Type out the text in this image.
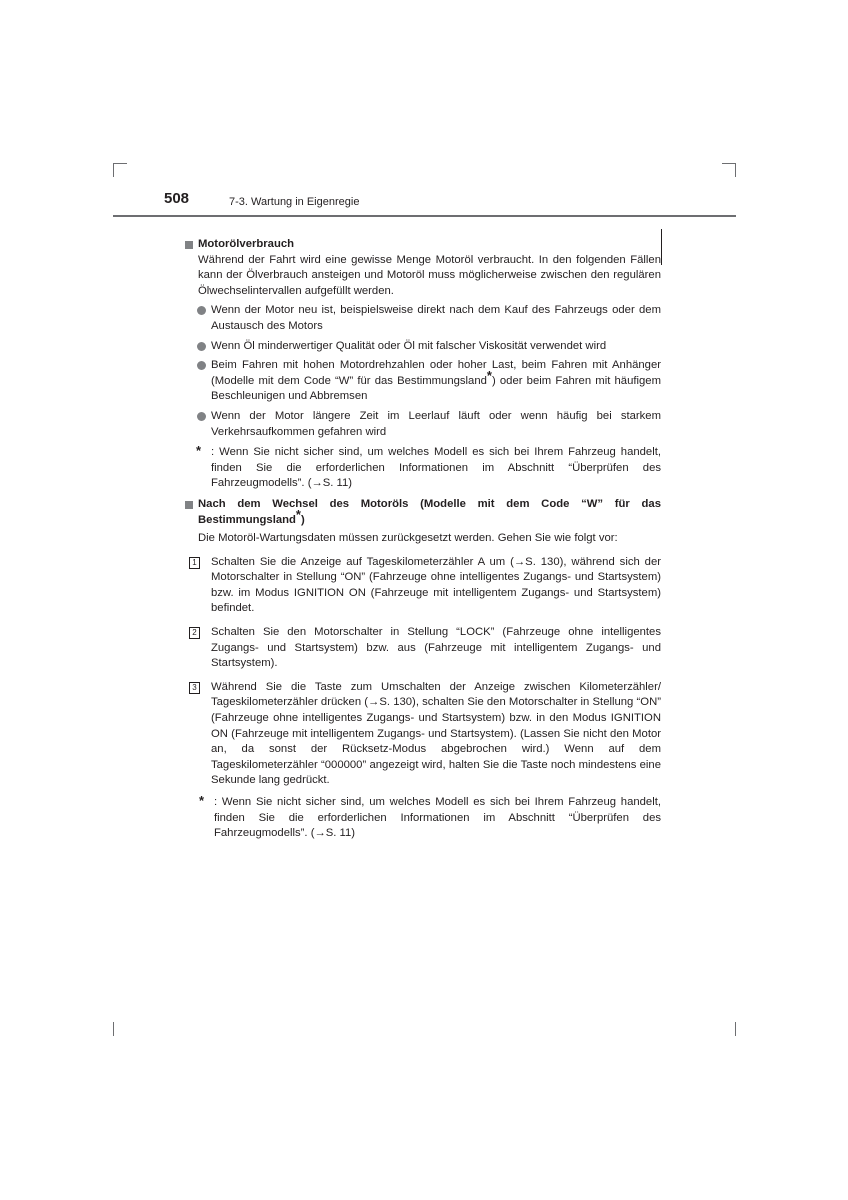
508	7-3. Wartung in Eigenregie
Motorölverbrauch
Während der Fahrt wird eine gewisse Menge Motoröl verbraucht. In den folgenden Fällen kann der Ölverbrauch ansteigen und Motoröl muss möglicherweise zwischen den regulären Ölwechselintervallen aufgefüllt werden.
Wenn der Motor neu ist, beispielsweise direkt nach dem Kauf des Fahrzeugs oder dem Austausch des Motors
Wenn Öl minderwertiger Qualität oder Öl mit falscher Viskosität verwendet wird
Beim Fahren mit hohen Motordrehzahlen oder hoher Last, beim Fahren mit Anhänger (Modelle mit dem Code “W” für das Bestimmungsland*) oder beim Fahren mit häufigem Beschleunigen und Abbremsen
Wenn der Motor längere Zeit im Leerlauf läuft oder wenn häufig bei starkem Verkehrsaufkommen gefahren wird
* : Wenn Sie nicht sicher sind, um welches Modell es sich bei Ihrem Fahrzeug handelt, finden Sie die erforderlichen Informationen im Abschnitt “Überprüfen des Fahrzeugmodells”. (→S. 11)
Nach dem Wechsel des Motoröls (Modelle mit dem Code “W” für das Bestimmungsland*)
Die Motoröl-Wartungsdaten müssen zurückgesetzt werden. Gehen Sie wie folgt vor:
1 Schalten Sie die Anzeige auf Tageskilometerzähler A um (→S. 130), während sich der Motorschalter in Stellung “ON” (Fahrzeuge ohne intelligentes Zugangs- und Startsystem) bzw. im Modus IGNITION ON (Fahrzeuge mit intelligentem Zugangs- und Startsystem) befindet.
2 Schalten Sie den Motorschalter in Stellung “LOCK” (Fahrzeuge ohne intelligentes Zugangs- und Startsystem) bzw. aus (Fahrzeuge mit intelligentem Zugangs- und Startsystem).
3 Während Sie die Taste zum Umschalten der Anzeige zwischen Kilometerzähler/ Tageskilometerzähler drücken (→S. 130), schalten Sie den Motorschalter in Stellung “ON” (Fahrzeuge ohne intelligentes Zugangs- und Startsystem) bzw. in den Modus IGNITION ON (Fahrzeuge mit intelligentem Zugangs- und Startsystem). (Lassen Sie nicht den Motor an, da sonst der Rücksetz-Modus abgebrochen wird.) Wenn auf dem Tageskilometerzähler “000000” angezeigt wird, halten Sie die Taste noch mindestens eine Sekunde lang gedrückt.
* : Wenn Sie nicht sicher sind, um welches Modell es sich bei Ihrem Fahrzeug handelt, finden Sie die erforderlichen Informationen im Abschnitt “Überprüfen des Fahrzeugmodells”. (→S. 11)
